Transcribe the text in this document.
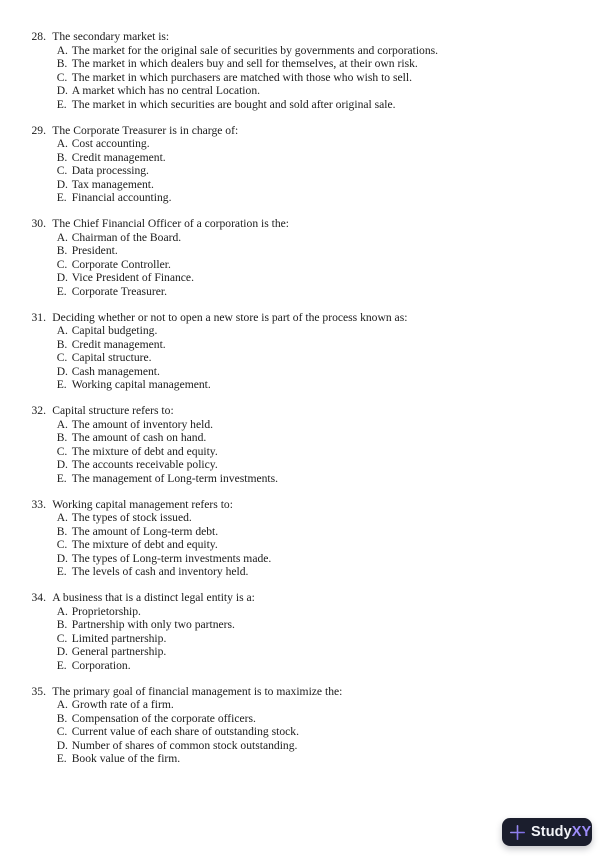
28. The secondary market is:
A. The market for the original sale of securities by governments and corporations.
B. The market in which dealers buy and sell for themselves, at their own risk.
C. The market in which purchasers are matched with those who wish to sell.
D. A market which has no central Location.
E. The market in which securities are bought and sold after original sale.
29. The Corporate Treasurer is in charge of:
A. Cost accounting.
B. Credit management.
C. Data processing.
D. Tax management.
E. Financial accounting.
30. The Chief Financial Officer of a corporation is the:
A. Chairman of the Board.
B. President.
C. Corporate Controller.
D. Vice President of Finance.
E. Corporate Treasurer.
31. Deciding whether or not to open a new store is part of the process known as:
A. Capital budgeting.
B. Credit management.
C. Capital structure.
D. Cash management.
E. Working capital management.
32. Capital structure refers to:
A. The amount of inventory held.
B. The amount of cash on hand.
C. The mixture of debt and equity.
D. The accounts receivable policy.
E. The management of Long-term investments.
33. Working capital management refers to:
A. The types of stock issued.
B. The amount of Long-term debt.
C. The mixture of debt and equity.
D. The types of Long-term investments made.
E. The levels of cash and inventory held.
34. A business that is a distinct legal entity is a:
A. Proprietorship.
B. Partnership with only two partners.
C. Limited partnership.
D. General partnership.
E. Corporation.
35. The primary goal of financial management is to maximize the:
A. Growth rate of a firm.
B. Compensation of the corporate officers.
C. Current value of each share of outstanding stock.
D. Number of shares of common stock outstanding.
E. Book value of the firm.
StudyXY
